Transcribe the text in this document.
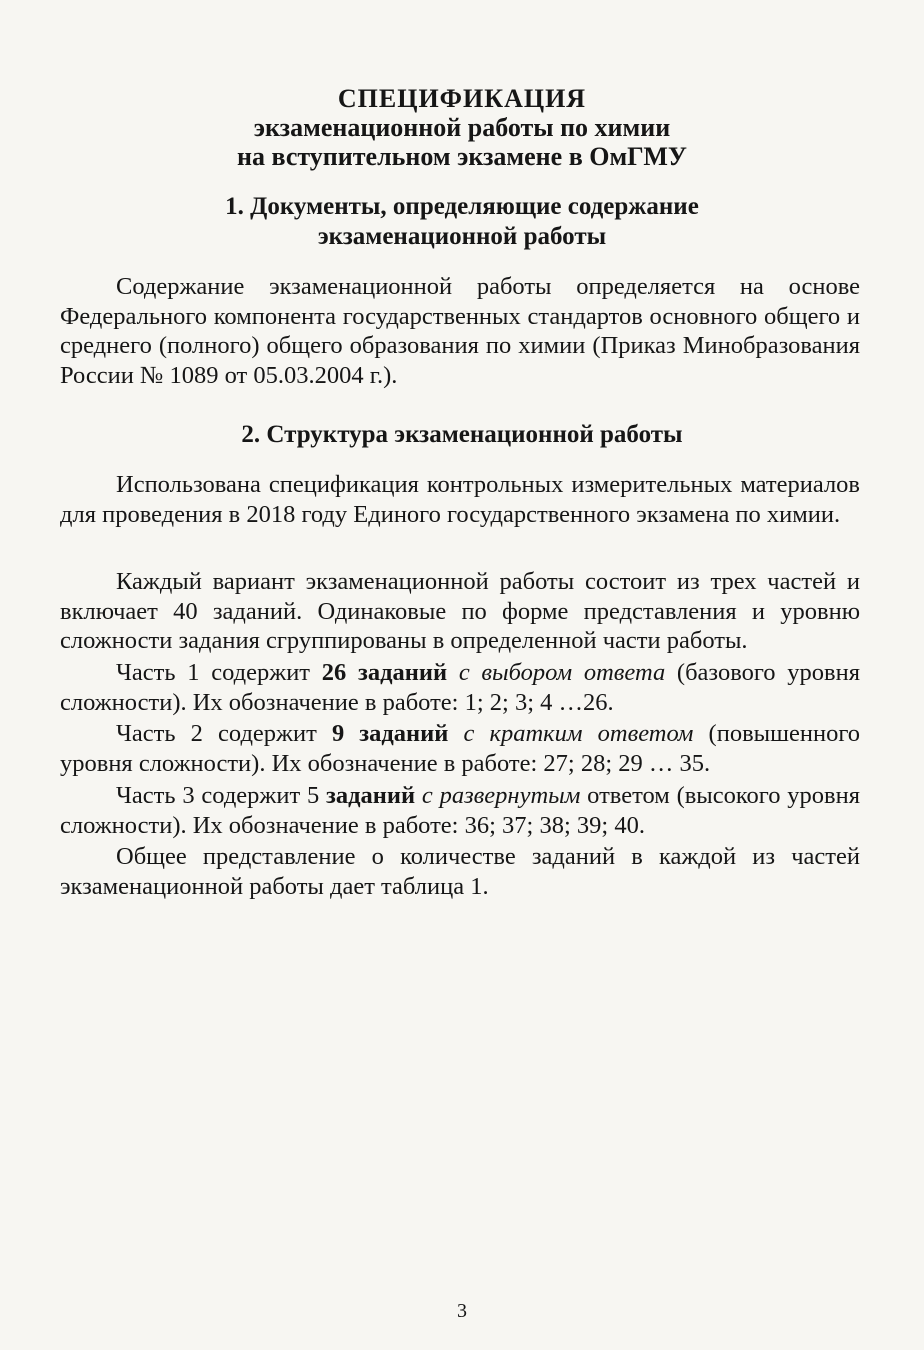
СПЕЦИФИКАЦИЯ
экзаменационной работы по химии
на вступительном экзамене в ОмГМУ
1. Документы, определяющие содержание
экзаменационной работы
Содержание экзаменационной работы определяется на основе Федерального компонента государственных стандартов основного общего и среднего (полного) общего образования по химии (Приказ Минобразования России № 1089 от 05.03.2004 г.).
2. Структура экзаменационной работы
Использована спецификация контрольных измерительных материалов для проведения в 2018 году Единого государственного экзамена по химии.
Каждый вариант экзаменационной работы состоит из трех частей и включает 40 заданий. Одинаковые по форме представления и уровню сложности задания сгруппированы в определенной части работы.
Часть 1 содержит 26 заданий с выбором ответа (базового уровня сложности). Их обозначение в работе: 1; 2; 3; 4 …26.
Часть 2 содержит 9 заданий с кратким ответом (повышенного уровня сложности). Их обозначение в работе: 27; 28; 29 … 35.
Часть 3 содержит 5 заданий с развернутым ответом (высокого уровня сложности). Их обозначение в работе: 36; 37; 38; 39; 40.
Общее представление о количестве заданий в каждой из частей экзаменационной работы дает таблица 1.
3
